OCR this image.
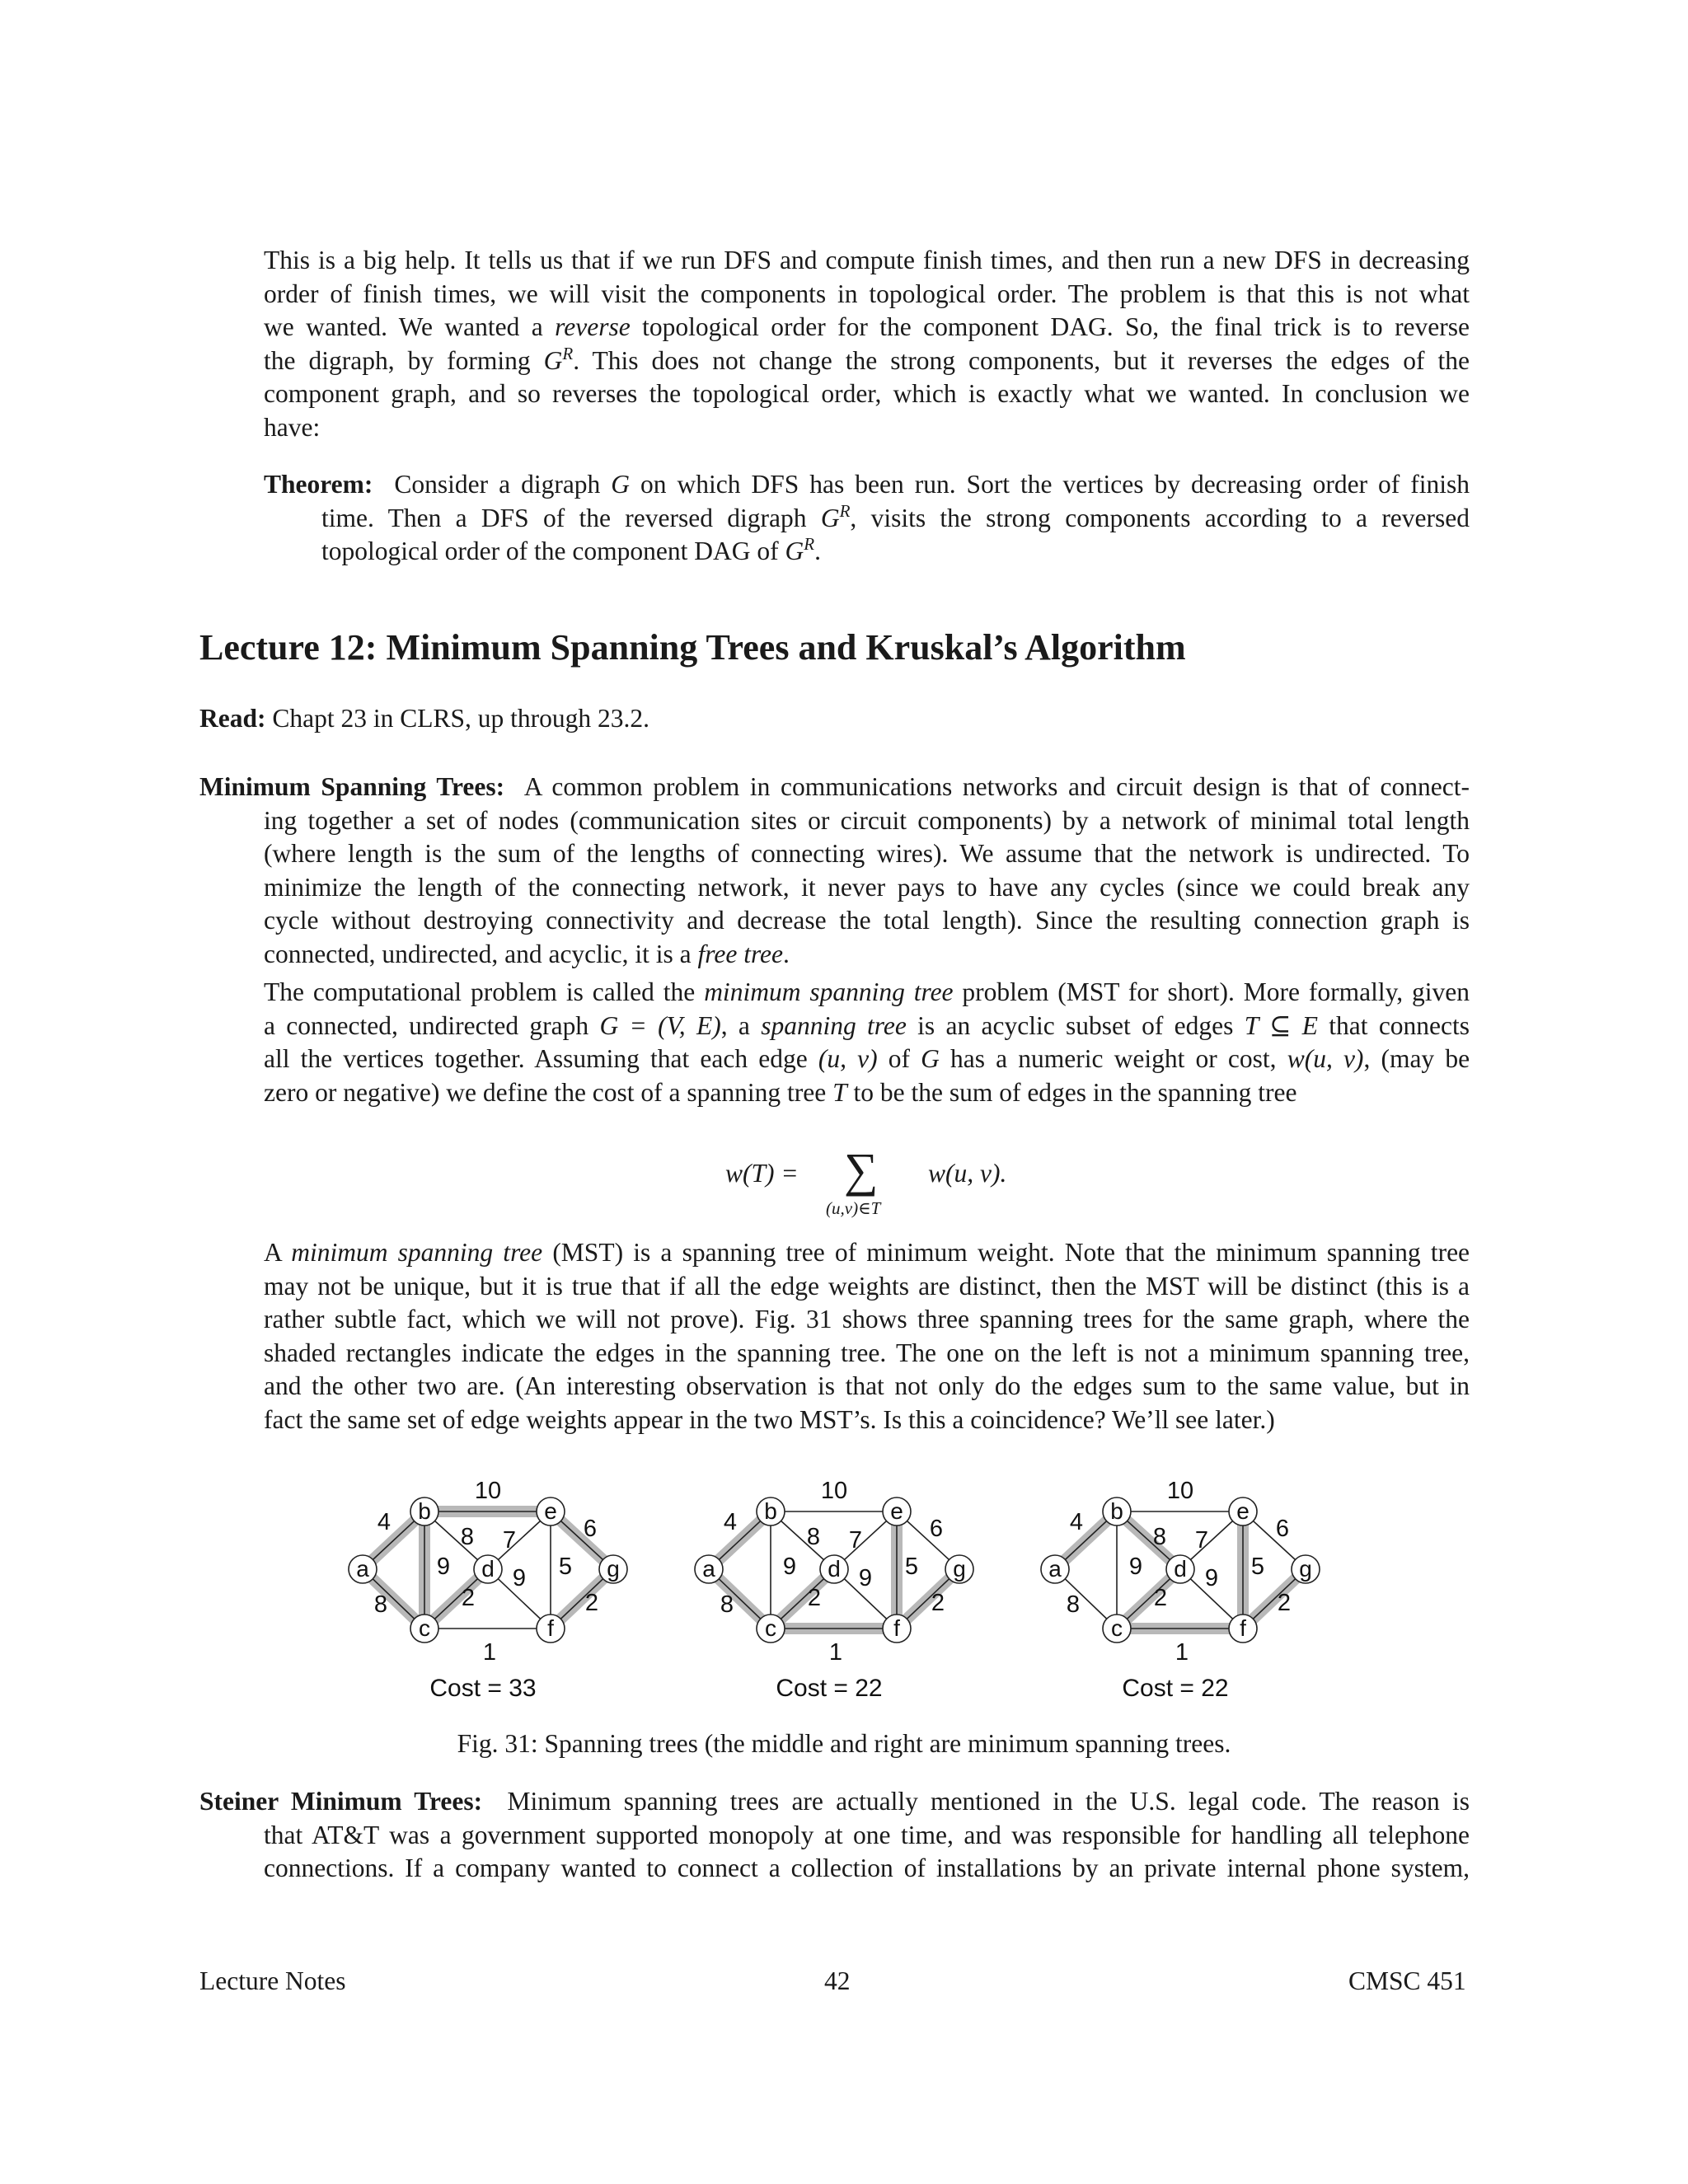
This is a big help. It tells us that if we run DFS and compute finish times, and then run a new DFS in decreasing
order of finish times, we will visit the components in topological order. The problem is that this is not what
we wanted. We wanted a reverse topological order for the component DAG. So, the final trick is to reverse
the digraph, by forming $G^R$. This does not change the strong components, but it reverses the edges of the
component graph, and so reverses the topological order, which is exactly what we wanted. In conclusion we
have:
Theorem: Consider a digraph G on which DFS has been run. Sort the vertices by decreasing order of finish
time. Then a DFS of the reversed digraph $G^R$, visits the strong components according to a reversed
topological order of the component DAG of $G^R$.
Lecture 12: Minimum Spanning Trees and Kruskal’s Algorithm
Read: Chapt 23 in CLRS, up through 23.2.
Minimum Spanning Trees: A common problem in communications networks and circuit design is that of connect-
ing together a set of nodes (communication sites or circuit components) by a network of minimal total length
(where length is the sum of the lengths of connecting wires). We assume that the network is undirected. To
minimize the length of the connecting network, it never pays to have any cycles (since we could break any
cycle without destroying connectivity and decrease the total length). Since the resulting connection graph is
connected, undirected, and acyclic, it is a free tree.
The computational problem is called the minimum spanning tree problem (MST for short). More formally, given
a connected, undirected graph G = (V, E), a spanning tree is an acyclic subset of edges T ⊆ E that connects
all the vertices together. Assuming that each edge (u, v) of G has a numeric weight or cost, w(u, v), (may be
zero or negative) we define the cost of a spanning tree T to be the sum of edges in the spanning tree
w(T) = ∑
(u,v)∈T
w(u, v).
A minimum spanning tree (MST) is a spanning tree of minimum weight. Note that the minimum spanning tree
may not be unique, but it is true that if all the edge weights are distinct, then the MST will be distinct (this is a
rather subtle fact, which we will not prove). Fig. 31 shows three spanning trees for the same graph, where the
shaded rectangles indicate the edges in the spanning tree. The one on the left is not a minimum spanning tree,
and the other two are. (An interesting observation is that not only do the edges sum to the same value, but in
fact the same set of edge weights appear in the two MST’s. Is this a coincidence? We’ll see later.)
4
8
10
9
8 7	6
5
9
2
2
1
a
b
c
d
e
f
g
Cost = 33
4
8
10
9
8 7	6
5
9
2
2
1
a
b
c
d
e
f
g
Cost = 22
4
8
10
9
8 7	6
5
9
2
2
1
a
b
c
d
e
f
g
Cost = 22
Fig. 31: Spanning trees (the middle and right are minimum spanning trees.
Steiner Minimum Trees: Minimum spanning trees are actually mentioned in the U.S. legal code. The reason is
that AT&T was a government supported monopoly at one time, and was responsible for handling all telephone
connections. If a company wanted to connect a collection of installations by an private internal phone system,
Lecture Notes	42	CMSC 451
